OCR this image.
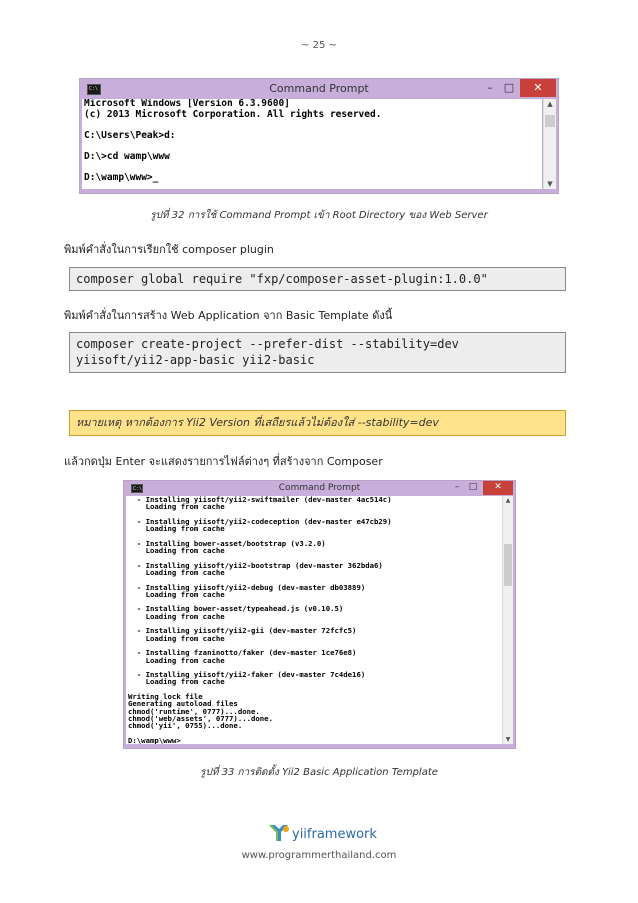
~ 25 ~
C:\	Command Prompt	–	□	✕
Microsoft Windows [Version 6.3.9600]
(c) 2013 Microsoft Corporation. All rights reserved.

C:\Users\Peak>d:

D:\>cd wamp\www

D:\wamp\www>_
▲
▼
รูปที่ 32 การใช้ Command Prompt เข้า Root Directory ของ Web Server
พิมพ์คำสั่งในการเรียกใช้ composer plugin
composer global require "fxp/composer-asset-plugin:1.0.0"
พิมพ์คำสั่งในการสร้าง Web Application จาก Basic Template ดังนี้
composer create-project --prefer-dist --stability=dev
yiisoft/yii2-app-basic yii2-basic
หมายเหตุ หากต้องการ Yii2 Version ที่เสถียรแล้วไม่ต้องใส่ --stability=dev
แล้วกดปุ่ม Enter จะแสดงรายการไฟล์ต่างๆ ที่สร้างจาก Composer
C:\	Command Prompt	–	□	✕
- Installing yiisoft/yii2-swiftmailer (dev-master 4ac514c)
Loading from cache

- Installing yiisoft/yii2-codeception (dev-master e47cb29)
Loading from cache

- Installing bower-asset/bootstrap (v3.2.0)
Loading from cache

- Installing yiisoft/yii2-bootstrap (dev-master 362bda6)
Loading from cache

- Installing yiisoft/yii2-debug (dev-master db03889)
Loading from cache

- Installing bower-asset/typeahead.js (v0.10.5)
Loading from cache

- Installing yiisoft/yii2-gii (dev-master 72fcfc5)
Loading from cache

- Installing fzaninotto/faker (dev-master 1ce76e8)
Loading from cache

- Installing yiisoft/yii2-faker (dev-master 7c4de16)
Loading from cache

Writing lock file
Generating autoload files
chmod('runtime', 0777)...done.
chmod('web/assets', 0777)...done.
chmod('yii', 0755)...done.

D:\wamp\www>_
▲
▼
รูปที่ 33 การติดตั้ง Yii2 Basic Application Template
yiiframework
www.programmerthailand.com
